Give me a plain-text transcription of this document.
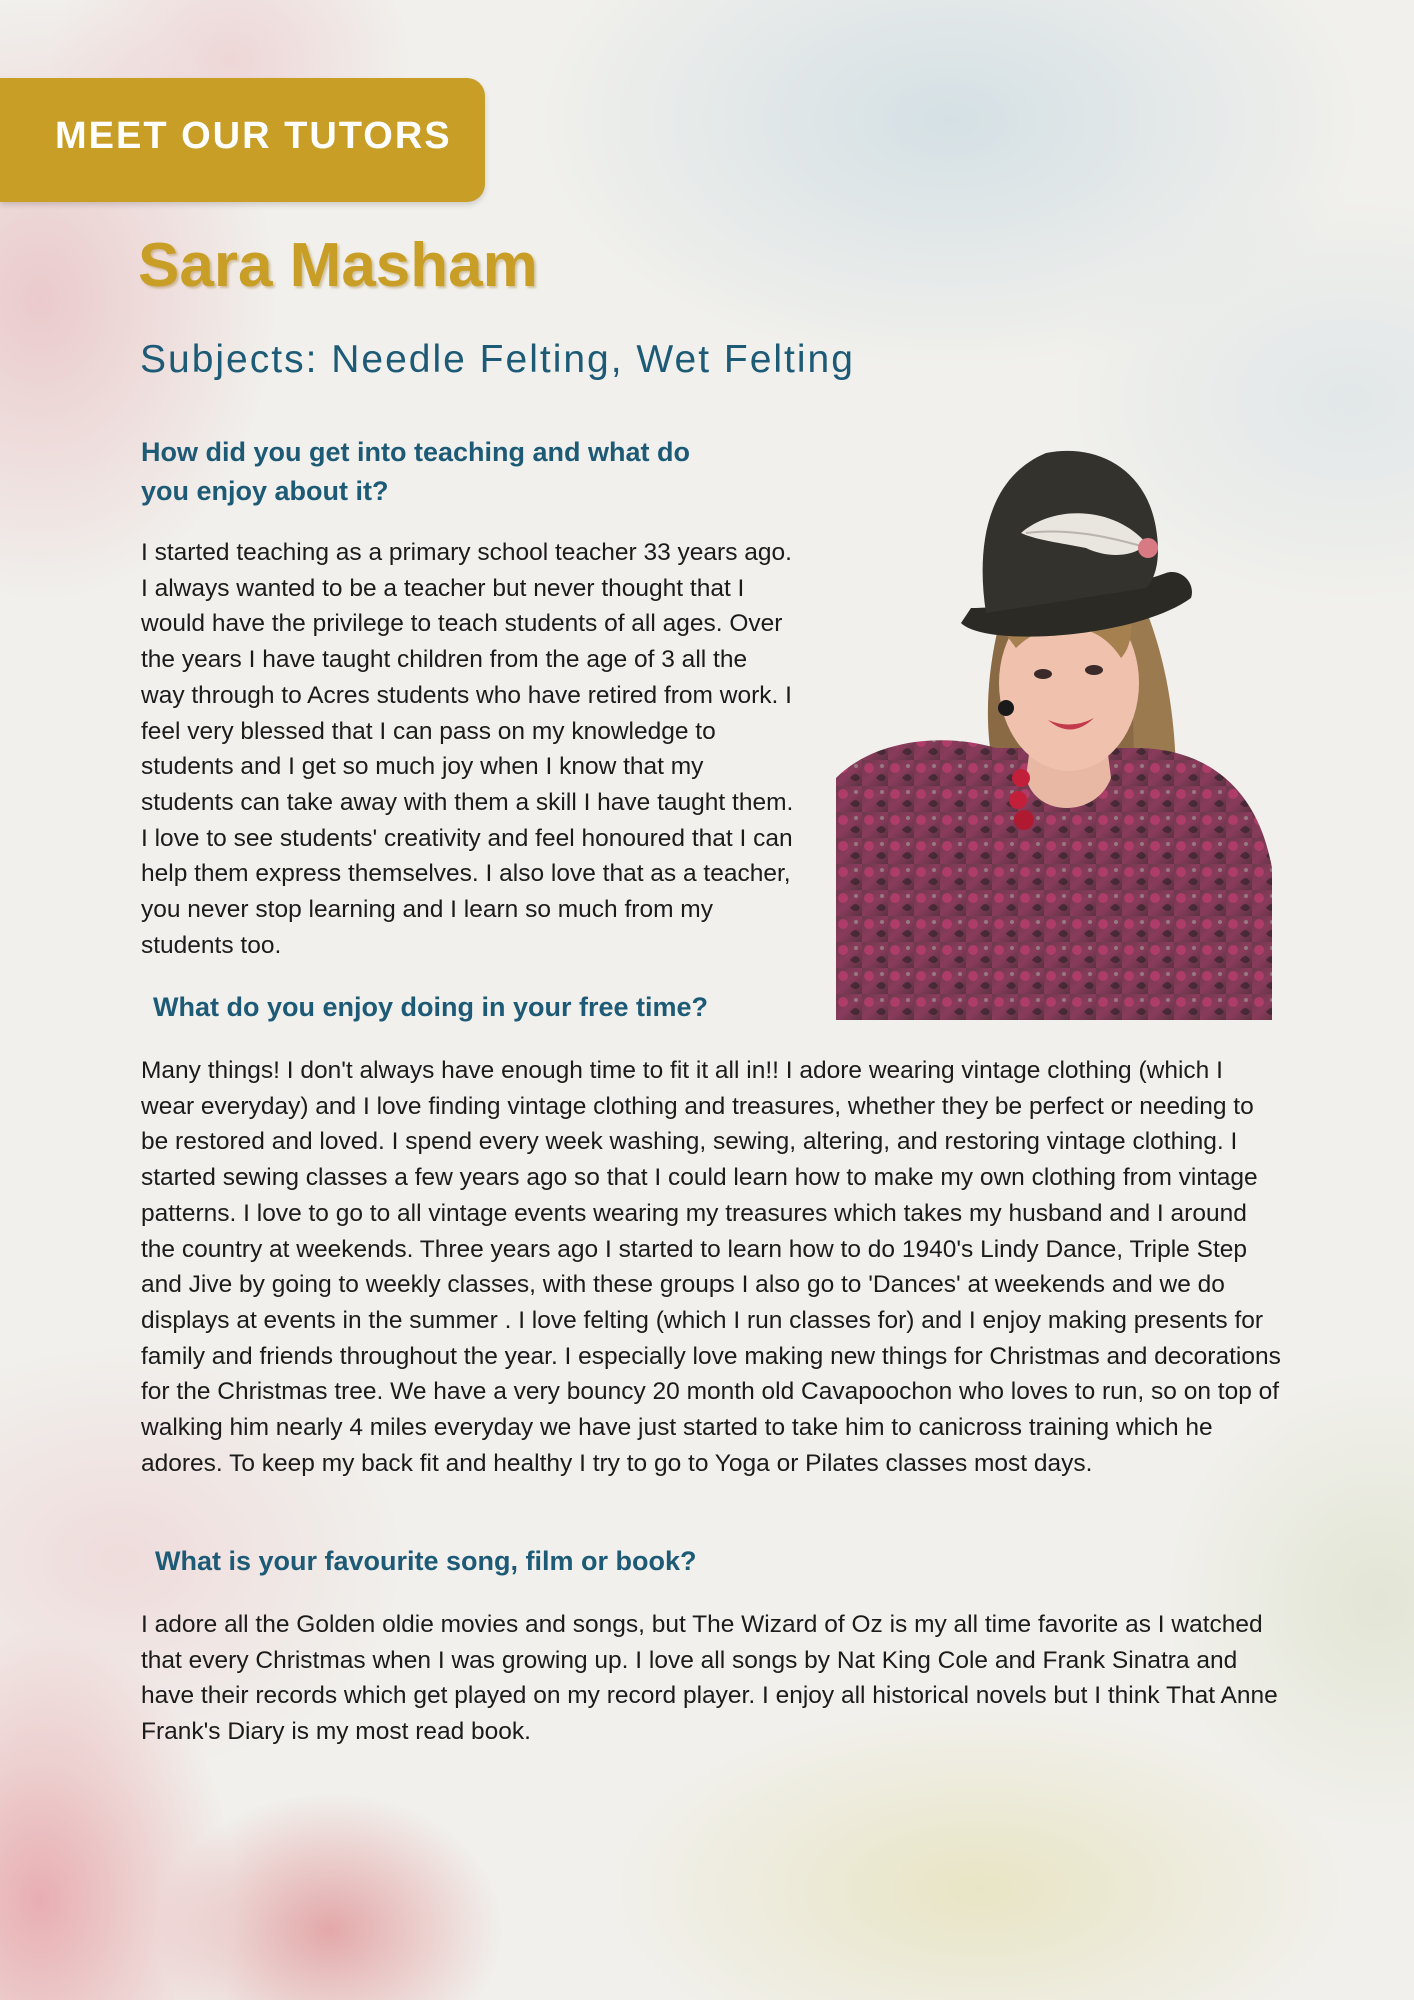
MEET OUR TUTORS
Sara Masham
Subjects: Needle Felting, Wet Felting
How did you get into teaching and what do you enjoy about it?

I started teaching as a primary school teacher 33 years ago. I always wanted to be a teacher but never thought that I would have the privilege to teach students of all ages. Over the years I have taught children from the age of 3 all the way through to Acres students who have retired from work. I feel very blessed that I can pass on my knowledge to students and I get so much joy when I know that my students can take away with them a skill I have taught them. I love to see students' creativity and feel honoured that I can help them express themselves. I also love that as a teacher, you never stop learning and I learn so much from my students too.

What do you enjoy doing in your free time?

Many things! I don't always have enough time to fit it all in!! I adore wearing vintage clothing (which I wear everyday) and I love finding vintage clothing and treasures, whether they be perfect or needing to be restored and loved. I spend every week washing, sewing, altering, and restoring vintage clothing. I started sewing classes a few years ago so that I could learn how to make my own clothing from vintage patterns. I love to go to all vintage events wearing my treasures which takes my husband and I around the country at weekends. Three years ago I started to learn how to do 1940's Lindy Dance, Triple Step and Jive by going to weekly classes, with these groups I also go to 'Dances' at weekends and we do displays at events in the summer . I love felting (which I run classes for) and I enjoy making presents for family and friends throughout the year. I especially love making new things for Christmas and decorations for the Christmas tree. We have a very bouncy 20 month old Cavapoochon who loves to run, so on top of walking him nearly 4 miles everyday we have just started to take him to canicross training which he adores. To keep my back fit and healthy I try to go to Yoga or Pilates classes most days.

What is your favourite song, film or book?

I adore all the Golden oldie movies and songs, but The Wizard of Oz is my all time favorite as I watched that every Christmas when I was growing up. I love all songs by Nat King Cole and Frank Sinatra and have their records which get played on my record player. I enjoy all historical novels but I think That Anne Frank's Diary is my most read book.
